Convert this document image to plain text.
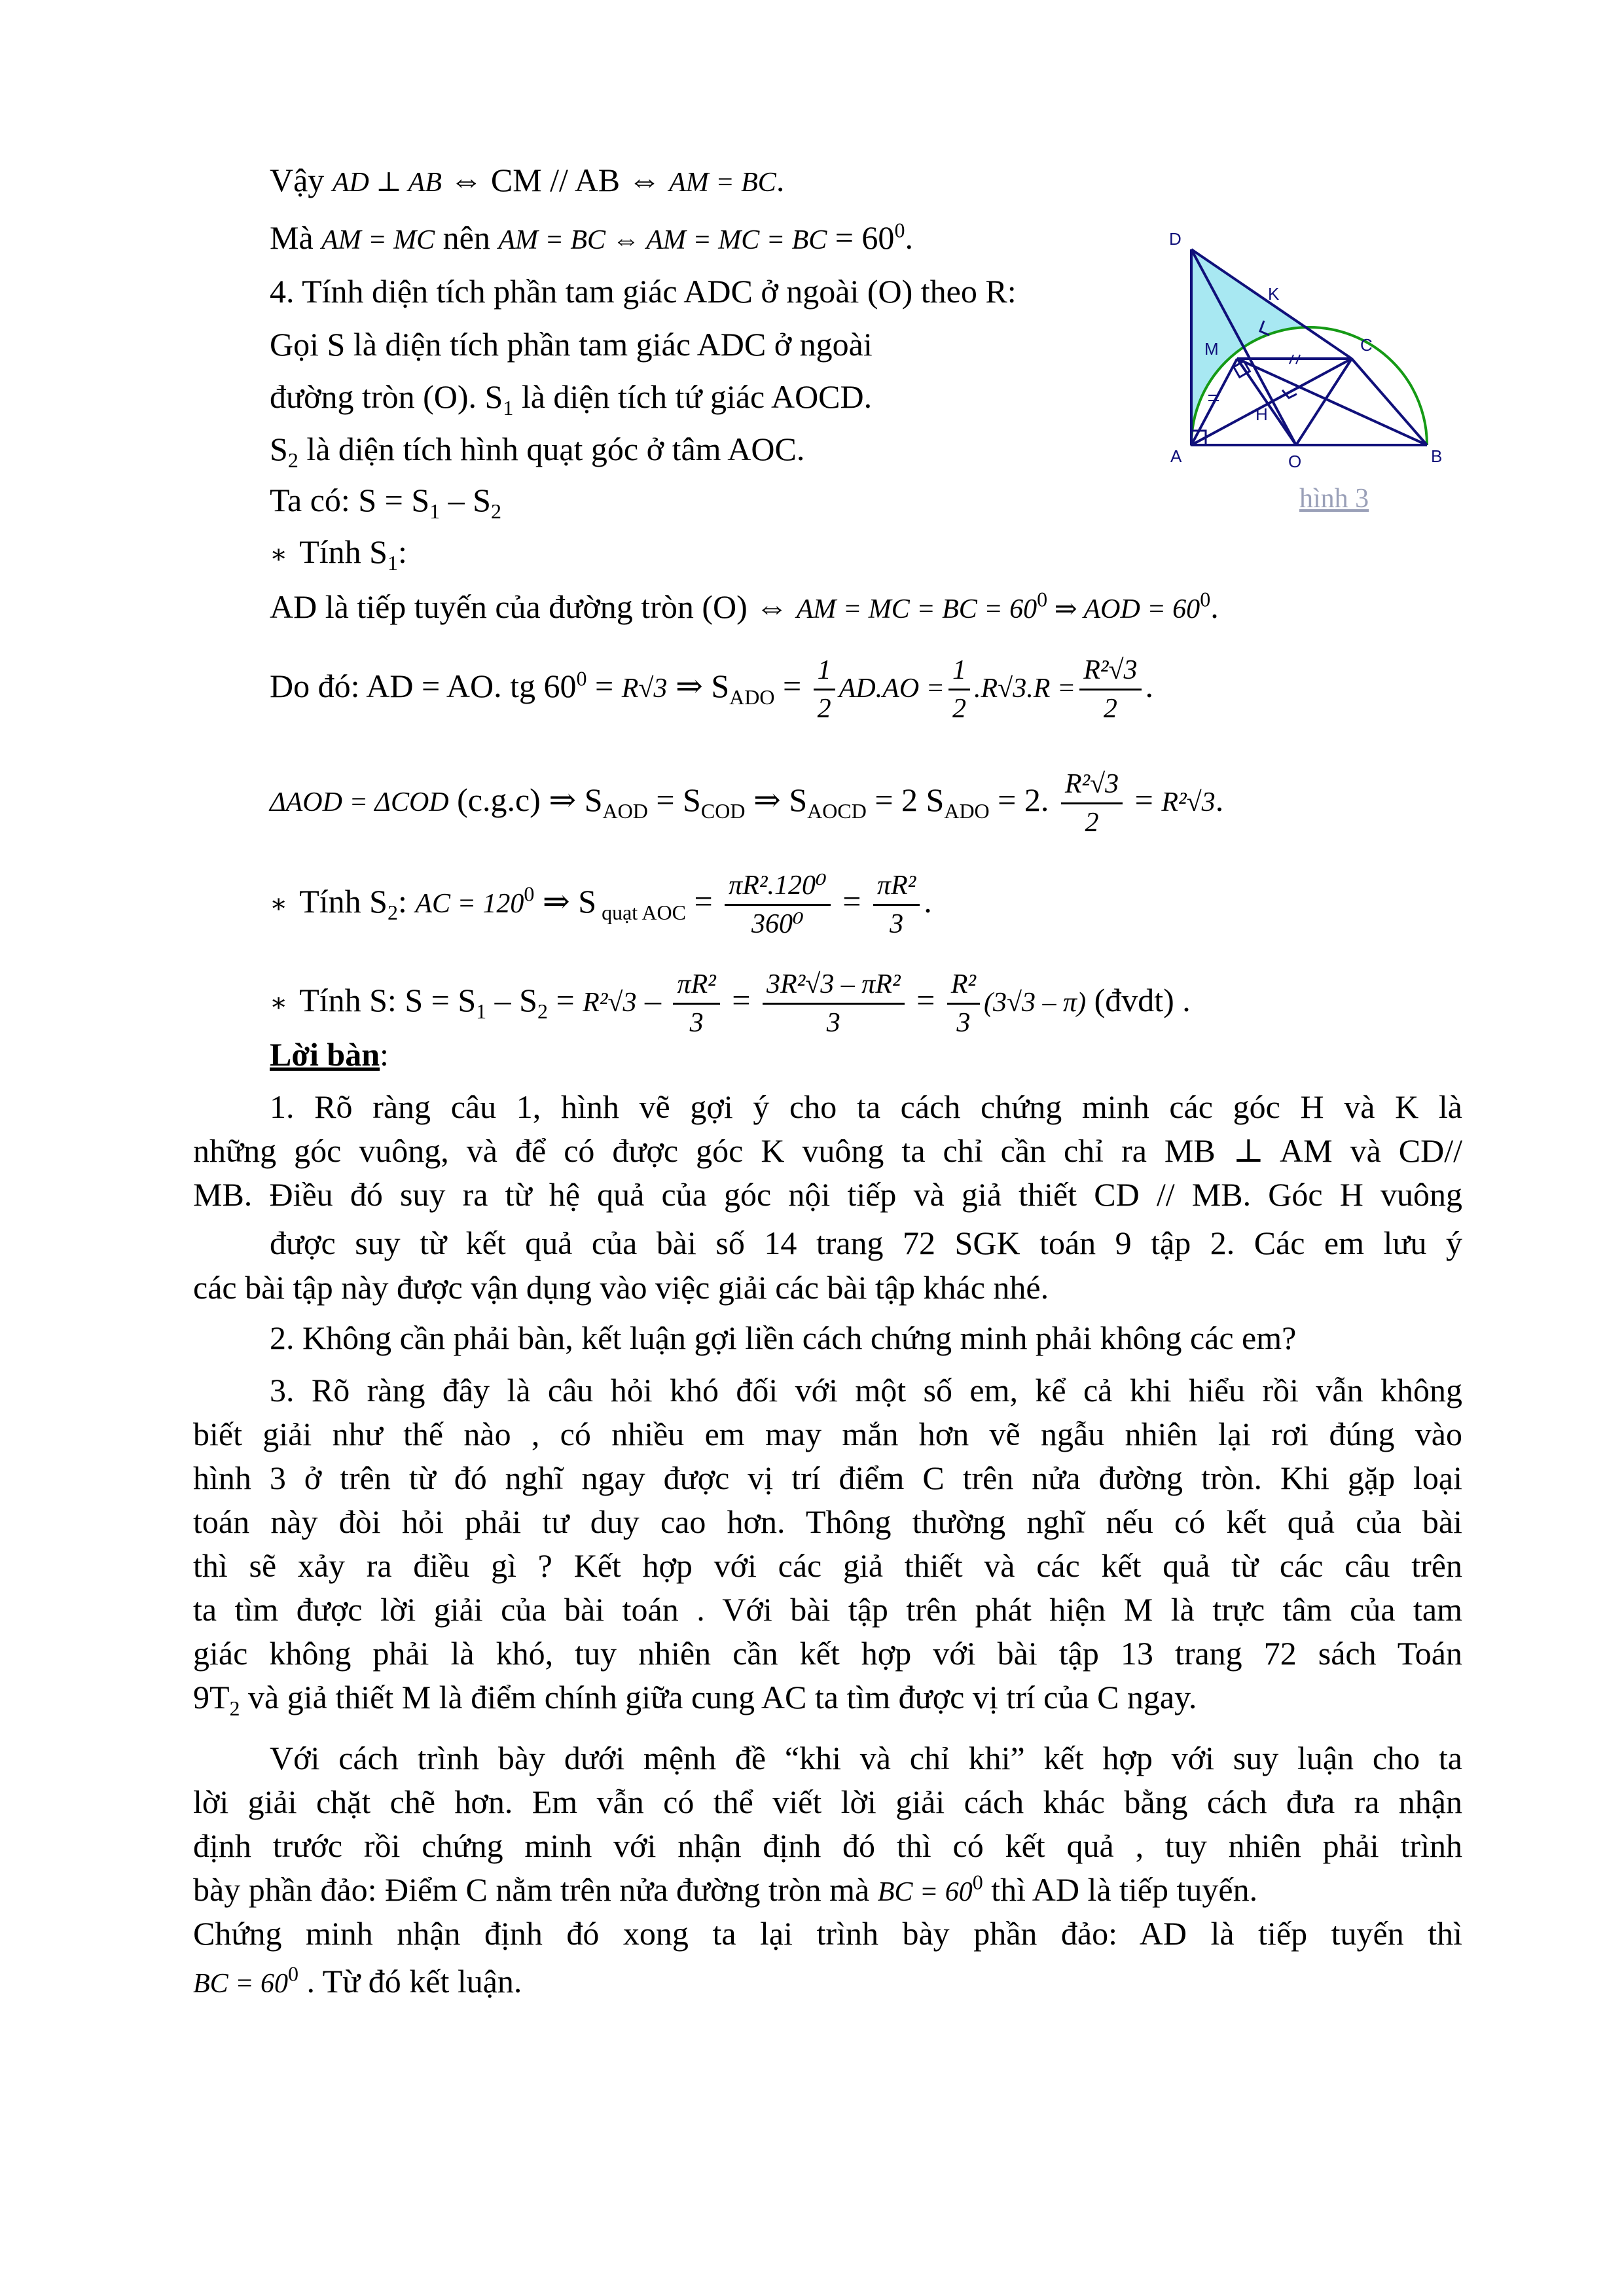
Vậy AD ⊥ AB ⇔ CM // AB ⇔ AM = BC.
Mà AM = MC nên AM = BC ⇔ AM = MC = BC = $60^0$.
4. Tính diện tích phần tam giác ADC ở ngoài (O) theo R:
Gọi S là diện tích phần tam giác ADC ở ngoài
đường tròn (O). $S_1$ là diện tích tứ giác AOCD.
$S_2$ là diện tích hình quạt góc ở tâm AOC.
Ta có: $S = S_1 - S_2$
∗ Tính $S_1$:
AD là tiếp tuyến của đường tròn (O) ⇔ AM = MC = BC = $60^0$ ⇒ AOD = $60^0$.
Do đó: AD = AO. tg $60^0 = R√3$ ⇒ $S_{ADO} = \frac{1}{2} AD.AO = \frac{1}{2} .R√3.R = \frac{\text{R²√3}}{2}$ .
ΔAOD = ΔCOD (c.g.c) ⇒ $S_{AOD} = S_{COD}$ ⇒ $S_{AOCD} = 2$ $S_{ADO} = 2$. $\frac{\text{R²√3}}{2} = R^2√3$.
∗ Tính $S_2$: AC = $120^0$ ⇒ S $_{quạt AOC} = \frac{\text{πR².120⁰}}{\text{360⁰}} = \frac{\text{πR²}}{3}$ .
∗ Tính S: $S = S_1 - S_2 = R^2√3 - \frac{\text{πR²}}{3} = \frac{\text{3R²√3 – πR²}}{3} = \frac{\text{R²}}{3} (3√3 - \pi)$ (đvdt) .
D
K
M	C
H
A	O	B
hình 3
Lời bàn:
1. Rõ ràng câu 1, hình vẽ gợi ý cho ta cách chứng minh các góc H và K là
những góc vuông, và để có được góc K vuông ta chỉ cần chỉ ra MB ⊥ AM và CD//
MB. Điều đó suy ra từ hệ quả của góc nội tiếp và giả thiết CD // MB. Góc H vuông
được suy từ kết quả của bài số 14 trang 72 SGK toán 9 tập 2. Các em lưu ý
các bài tập này được vận dụng vào việc giải các bài tập khác nhé.
2. Không cần phải bàn, kết luận gợi liền cách chứng minh phải không các em?
3. Rõ ràng đây là câu hỏi khó đối với một số em, kể cả khi hiểu rồi vẫn không
biết giải như thế nào , có nhiều em may mắn hơn vẽ ngẫu nhiên lại rơi đúng vào
hình 3 ở trên từ đó nghĩ ngay được vị trí điểm C trên nửa đường tròn. Khi gặp loại
toán này đòi hỏi phải tư duy cao hơn. Thông thường nghĩ nếu có kết quả của bài
thì sẽ xảy ra điều gì ? Kết hợp với các giả thiết và các kết quả từ các câu trên
ta tìm được lời giải của bài toán . Với bài tập trên phát hiện M là trực tâm của tam
giác không phải là khó, tuy nhiên cần kết hợp với bài tập 13 trang 72 sách Toán
$9T_2$ và giả thiết M là điểm chính giữa cung AC ta tìm được vị trí của C ngay.
Với cách trình bày dưới mệnh đề “khi và chỉ khi” kết hợp với suy luận cho ta
lời giải chặt chẽ hơn. Em vẫn có thể viết lời giải cách khác bằng cách đưa ra nhận
định trước rồi chứng minh với nhận định đó thì có kết quả , tuy nhiên phải trình
bày phần đảo: Điểm C nằm trên nửa đường tròn mà BC = $60^0$ thì AD là tiếp tuyến.
Chứng minh nhận định đó xong ta lại trình bày phần đảo: AD là tiếp tuyến thì
BC = $60^0$ . Từ đó kết luận.
